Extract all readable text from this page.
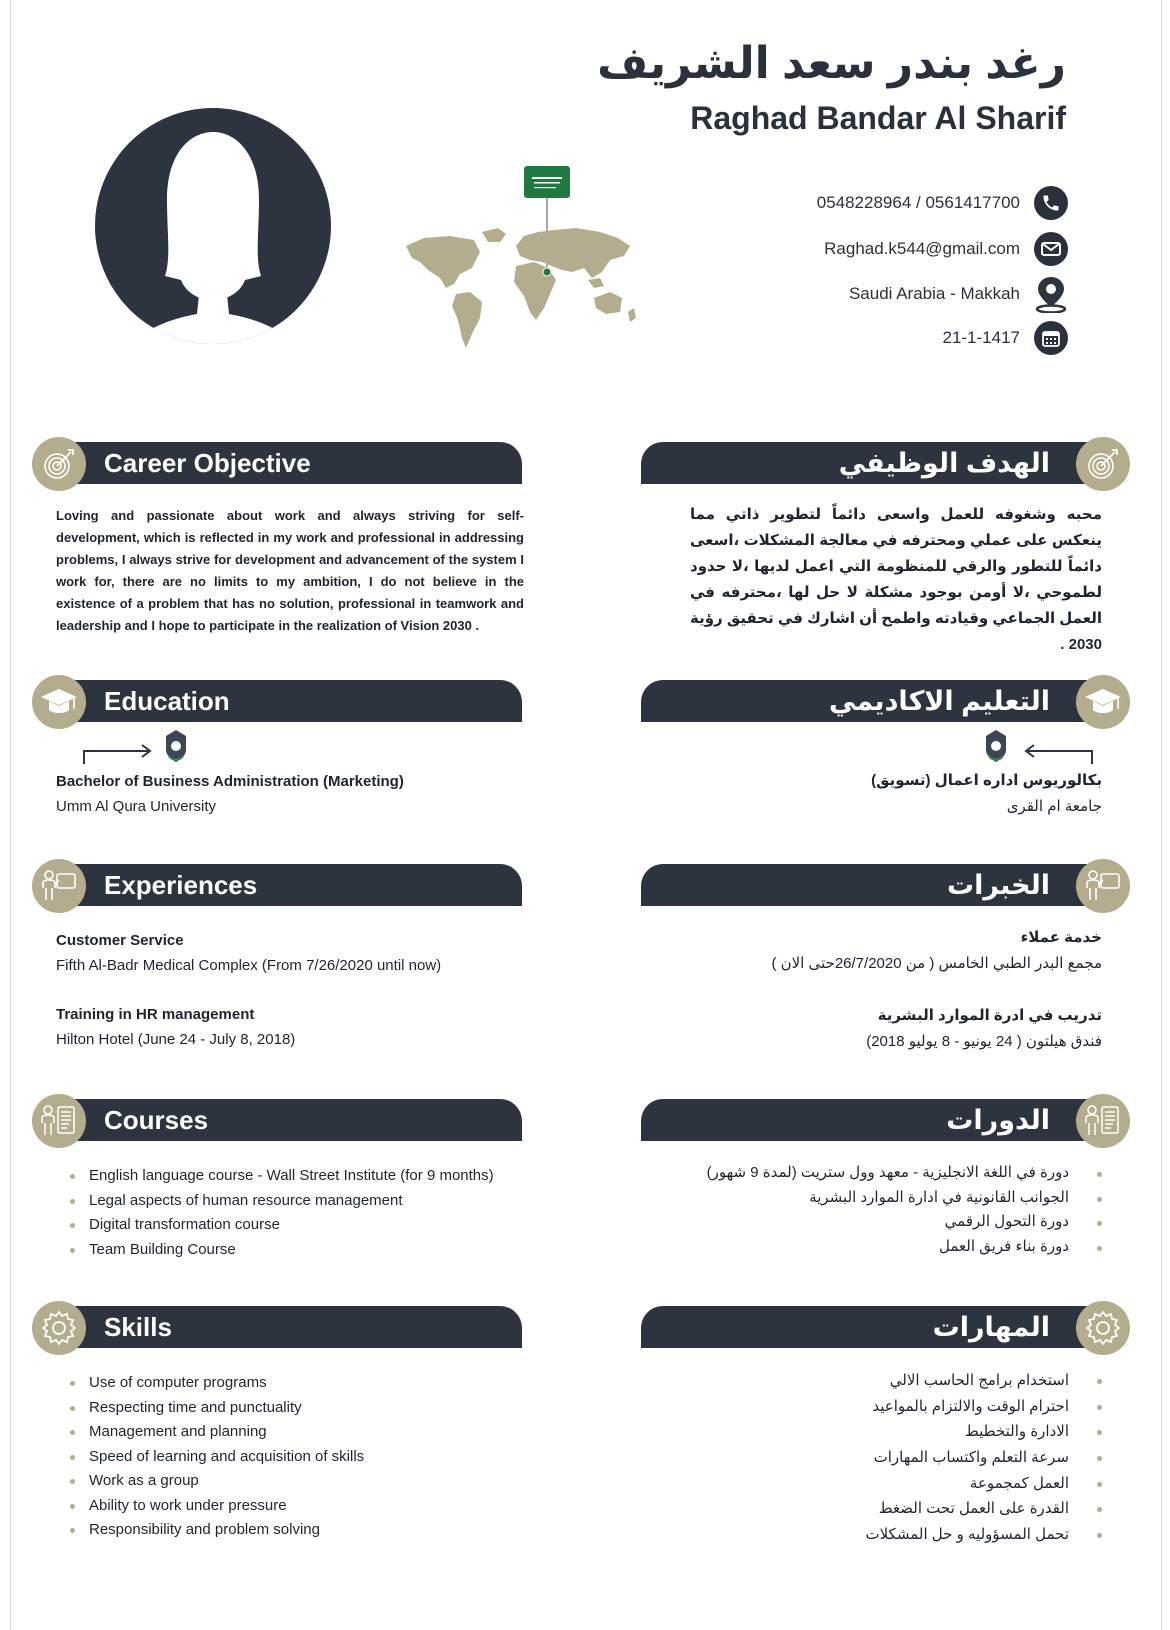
رغد بندر سعد الشريف
Raghad Bandar Al Sharif
0548228964 / 0561417700
Raghad.k544@gmail.com
Saudi Arabia - Makkah
21-1-1417
Career Objective	الهدف الوظيفي
Loving and passionate about work and always striving for self-development, which is reflected in my work and professional in addressing problems, I always strive for development and advancement of the system I work for, there are no limits to my ambition, I do not believe in the existence of a problem that has no solution, professional in teamwork and leadership and I hope to participate in the realization of Vision 2030 .
محبه وشغوفه للعمل واسعى دائماً لتطوير ذاتي مما ينعكس على عملي ومحترفه في معالجة المشكلات ،اسعى دائماً للتطور والرقي للمنظومة التي اعمل لديها ،لا حدود لطموحي ،لا أومن بوجود مشكلة لا حل لها ،محترفه في العمل الجماعي وقيادته واطمح أن اشارك في تحقيق رؤية 2030 .
Education	التعليم الاكاديمي
Bachelor of Business Administration (Marketing)
Umm Al Qura University
بكالوريوس اداره اعمال (تسويق)
جامعة ام القرى
Experiences	الخبرات
Customer Service
Fifth Al-Badr Medical Complex (From 7/26/2020 until now)
Training in HR management
Hilton Hotel (June 24 - July 8, 2018)
خدمة عملاء
مجمع البدر الطبي الخامس ( من 26/7/2020حتى الان )
تدريب في ادرة الموارد البشرية
فندق هيلتون ( 24 يونيو - 8 يوليو 2018)
Courses	الدورات
English language course - Wall Street Institute (for 9 months)
Legal aspects of human resource management
Digital transformation course
Team Building Course
دورة في اللغة الانجليزية - معهد وول ستريت (لمدة 9 شهور)
الجوانب القانونية في ادارة الموارد البشرية
دورة التحول الرقمي
دورة بناء فريق العمل
Skills	المهارات
Use of computer programs
Respecting time and punctuality
Management and planning
Speed of learning and acquisition of skills
Work as a group
Ability to work under pressure
Responsibility and problem solving
استخدام برامج الحاسب الالي
احترام الوقت والالتزام بالمواعيد
الادارة والتخطيط
سرعة التعلم واكتساب المهارات
العمل كمجموعة
القدرة على العمل تحت الضغط
تحمل المسؤوليه و حل المشكلات
